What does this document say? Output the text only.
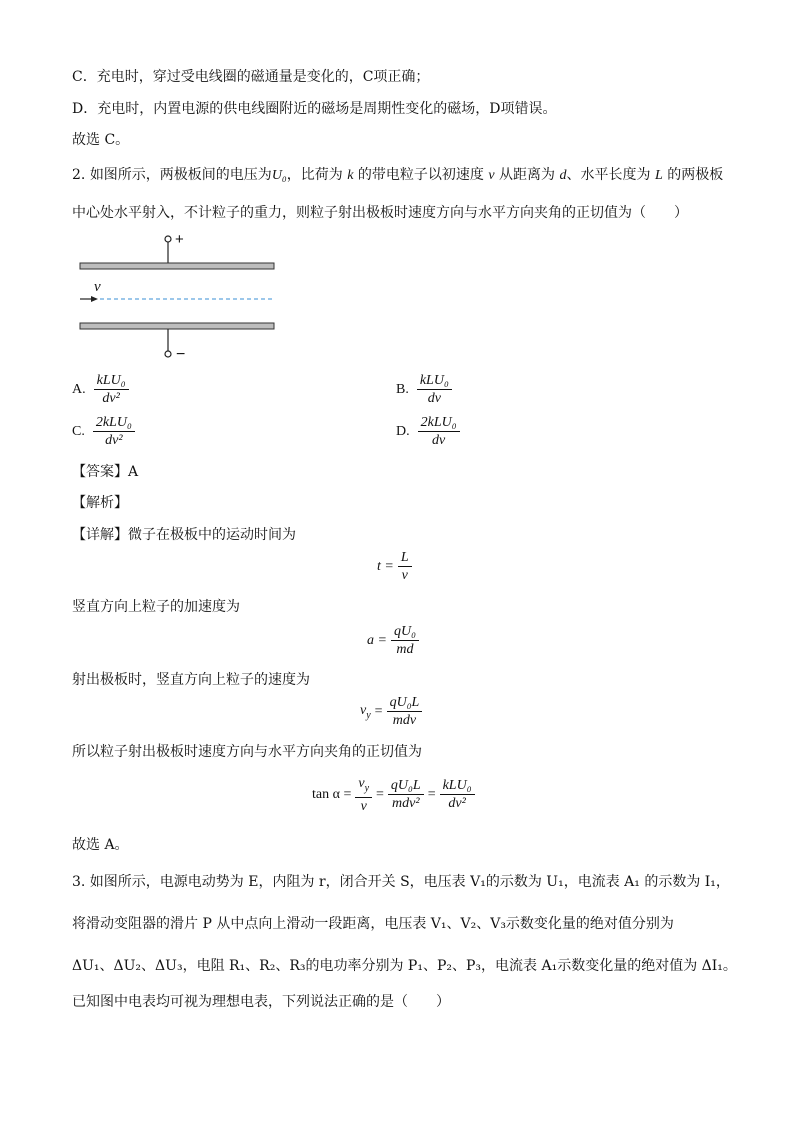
C．充电时，穿过受电线圈的磁通量是变化的，C项正确；
D．充电时，内置电源的供电线圈附近的磁场是周期性变化的磁场，D项错误。
故选 C。
2. 如图所示，两极板间的电压为U₀，比荷为 k 的带电粒子以初速度 v 从距离为 d、水平长度为 L 的两极板
中心处水平射入，不计粒子的重力，则粒子射出极板时速度方向与水平方向夹角的正切值为（　　）
+
v
−
A. $\frac{\text{kLU₀}}{\text{dv²}}$	B. $\frac{\text{kLU₀}}{dv}$
C. $\frac{\text{2kLU₀}}{\text{dv²}}$	D. $\frac{\text{2kLU₀}}{dv}$
【答案】A
【解析】
【详解】微子在极板中的运动时间为
$t = \frac{L}{v}$
竖直方向上粒子的加速度为
$a = \frac{\text{qU₀}}{md}$
射出极板时，竖直方向上粒子的速度为
$v_y = \frac{\text{qU₀L}}{\text{mdv}}$
所以粒子射出极板时速度方向与水平方向夹角的正切值为
$\tan \alpha = \frac{v_y}{v} = \frac{\text{qU₀L}}{\text{mdv²}} = \frac{\text{kLU₀}}{\text{dv²}}$
故选 A。
3. 如图所示，电源电动势为 E，内阻为 r，闭合开关 S，电压表 V₁的示数为 U₁，电流表 A₁ 的示数为 I₁，
将滑动变阻器的滑片 P 从中点向上滑动一段距离，电压表 V₁、V₂、V₃示数变化量的绝对值分别为
ΔU₁、ΔU₂、ΔU₃，电阻 R₁、R₂、R₃的电功率分别为 P₁、P₂、P₃，电流表 A₁示数变化量的绝对值为 ΔI₁。
已知图中电表均可视为理想电表，下列说法正确的是（　　）
